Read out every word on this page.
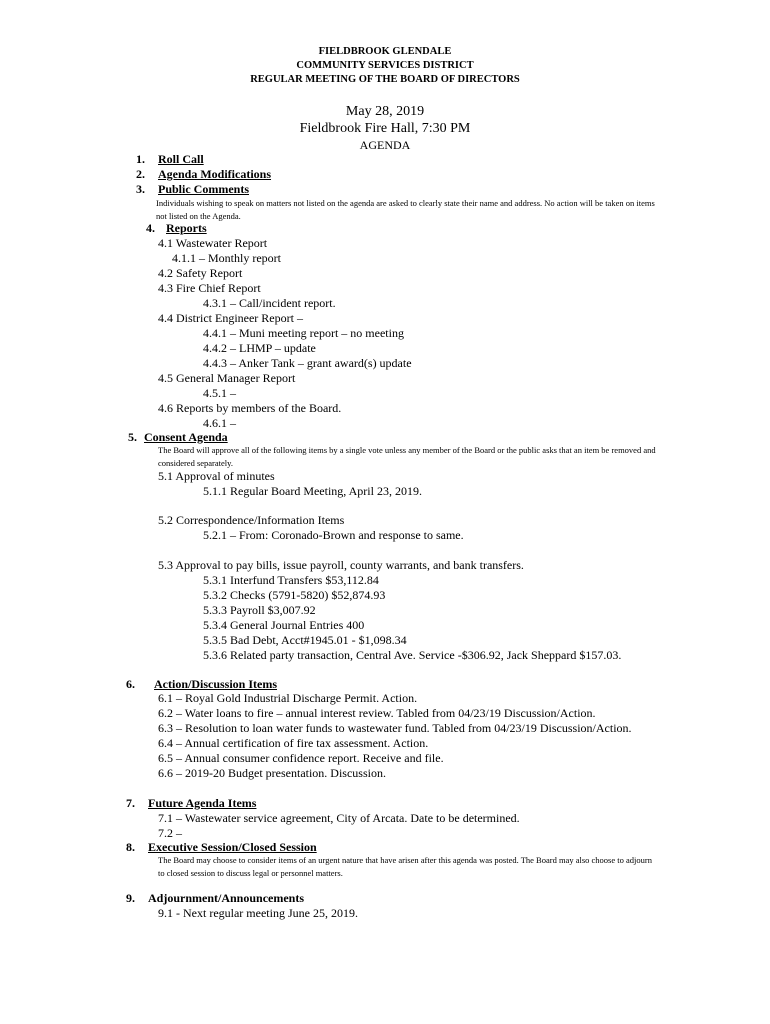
FIELDBROOK GLENDALE
COMMUNITY SERVICES DISTRICT
REGULAR MEETING OF THE BOARD OF DIRECTORS
May 28, 2019
Fieldbrook Fire Hall, 7:30 PM
AGENDA
1. Roll Call
2. Agenda Modifications
3. Public Comments
Individuals wishing to speak on matters not listed on the agenda are asked to clearly state their name and address. No action will be taken on items not listed on the Agenda.
4. Reports
4.1 Wastewater Report
4.1.1 – Monthly report
4.2 Safety Report
4.3 Fire Chief Report
4.3.1 – Call/incident report.
4.4 District Engineer Report –
4.4.1 – Muni meeting report – no meeting
4.4.2 – LHMP – update
4.4.3 – Anker Tank – grant award(s) update
4.5 General Manager Report
4.5.1 –
4.6 Reports by members of the Board.
4.6.1 –
5. Consent Agenda
The Board will approve all of the following items by a single vote unless any member of the Board or the public asks that an item be removed and considered separately.
5.1 Approval of minutes
5.1.1 Regular Board Meeting, April 23, 2019.
5.2 Correspondence/Information Items
5.2.1 – From: Coronado-Brown and response to same.
5.3 Approval to pay bills, issue payroll, county warrants, and bank transfers.
5.3.1 Interfund Transfers $53,112.84
5.3.2 Checks (5791-5820) $52,874.93
5.3.3 Payroll $3,007.92
5.3.4 General Journal Entries 400
5.3.5 Bad Debt, Acct#1945.01 - $1,098.34
5.3.6 Related party transaction, Central Ave. Service -$306.92, Jack Sheppard $157.03.
6. Action/Discussion Items
6.1 – Royal Gold Industrial Discharge Permit. Action.
6.2 – Water loans to fire – annual interest review. Tabled from 04/23/19 Discussion/Action.
6.3 – Resolution to loan water funds to wastewater fund. Tabled from 04/23/19 Discussion/Action.
6.4 – Annual certification of fire tax assessment. Action.
6.5 – Annual consumer confidence report. Receive and file.
6.6 – 2019-20 Budget presentation. Discussion.
7. Future Agenda Items
7.1 – Wastewater service agreement, City of Arcata. Date to be determined.
7.2 –
8. Executive Session/Closed Session
The Board may choose to consider items of an urgent nature that have arisen after this agenda was posted. The Board may also choose to adjourn to closed session to discuss legal or personnel matters.
9. Adjournment/Announcements
9.1 - Next regular meeting June 25, 2019.
